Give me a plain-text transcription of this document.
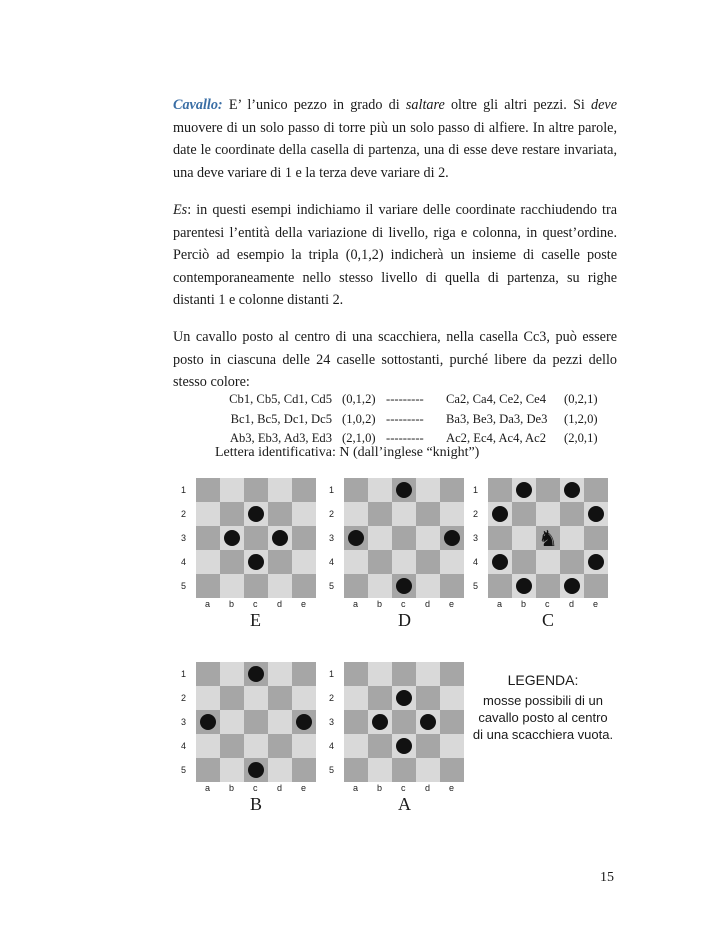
Cavallo: E’ l’unico pezzo in grado di saltare oltre gli altri pezzi. Si deve muovere di un solo passo di torre più un solo passo di alfiere. In altre parole, date le coordinate della casella di partenza, una di esse deve restare invariata, una deve variare di 1 e la terza deve variare di 2.

Es: in questi esempi indichiamo il variare delle coordinate racchiudendo tra parentesi l’entità della variazione di livello, riga e colonna, in quest’ordine. Perciò ad esempio la tripla (0,1,2) indicherà un insieme di caselle poste contemporaneamente nello stesso livello di quella di partenza, su righe distanti 1 e colonne distanti 2.

Un cavallo posto al centro di una scacchiera, nella casella Cc3, può essere posto in ciascuna delle 24 caselle sottostanti, purché libere da pezzi dello stesso colore:

Cb1, Cb5, Cd1, Cd5 (0,1,2) --------- Ca2, Ca4, Ce2, Ce4 (0,2,1)
Bc1, Bc5, Dc1, Dc5 (1,0,2) --------- Ba3, Be3, Da3, De3 (1,2,0)
Ab3, Eb3, Ad3, Ed3 (2,1,0) --------- Ac2, Ec4, Ac4, Ac2 (2,0,1)
Lettera identificativa: N (dall’inglese “knight”)
1
2
3
4
5
a b c d e
E
1
2
3
4
5
a b c d e
D
♞
1
2
3
4
5
a b c d e
C
1
2
3
4
5
a b c d e
B
1
2
3
4
5
a b c d e
A
LEGENDA:
mosse possibili di un
cavallo posto al centro
di una scacchiera vuota.
15
